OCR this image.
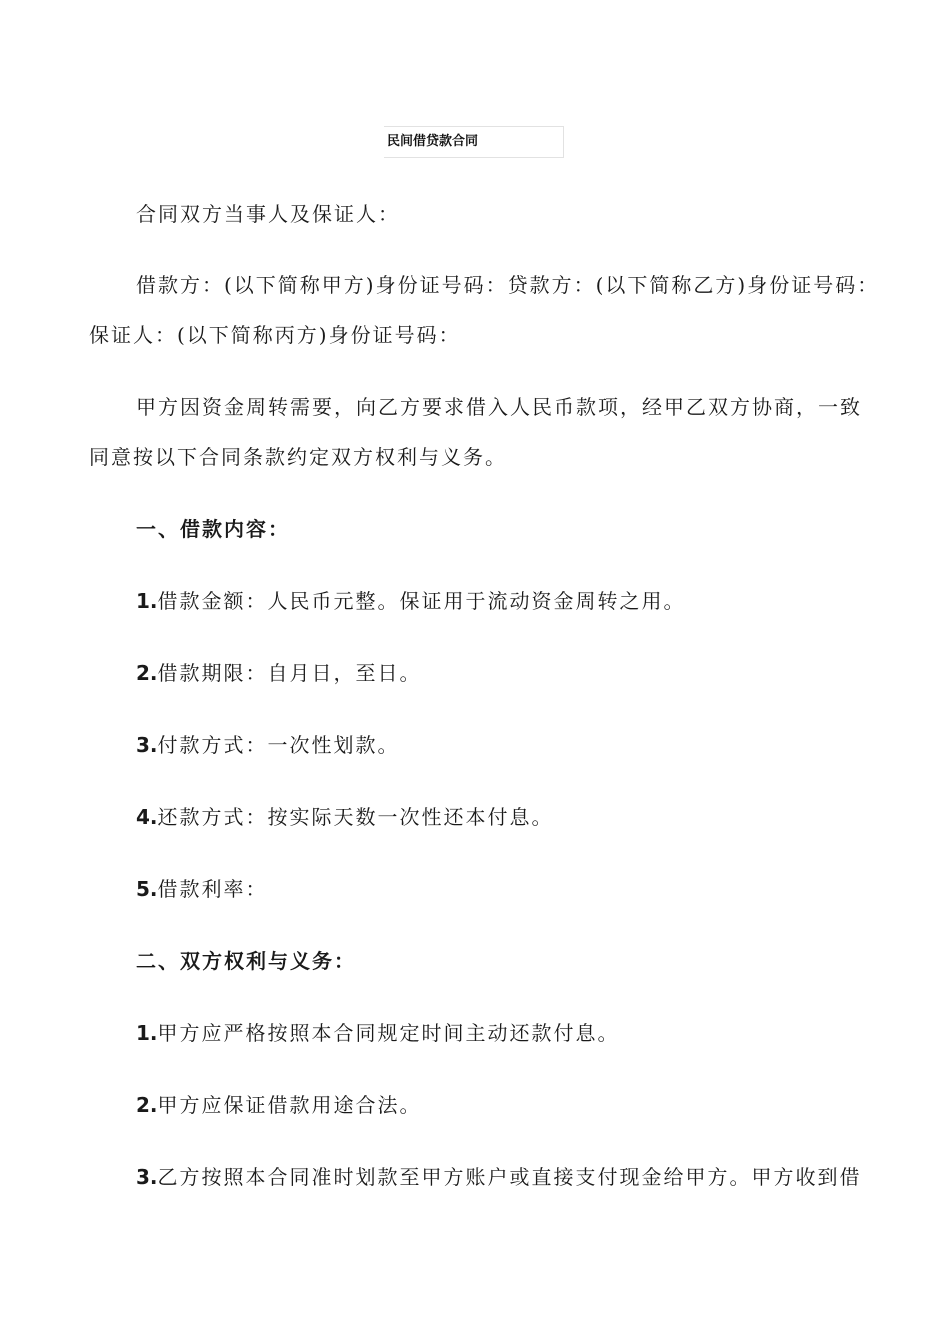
民间借贷款合同
合同双方当事人及保证人：
借款方：(以下简称甲方)身份证号码：贷款方：(以下简称乙方)身份证号码：
保证人：(以下简称丙方)身份证号码：
甲方因资金周转需要，向乙方要求借入人民币款项，经甲乙双方协商，一致
同意按以下合同条款约定双方权利与义务。
一、借款内容：
1.借款金额：人民币元整。保证用于流动资金周转之用。
2.借款期限：自月日，至日。
3.付款方式：一次性划款。
4.还款方式：按实际天数一次性还本付息。
5.借款利率：
二、双方权利与义务：
1.甲方应严格按照本合同规定时间主动还款付息。
2.甲方应保证借款用途合法。
3.乙方按照本合同准时划款至甲方账户或直接支付现金给甲方。甲方收到借
